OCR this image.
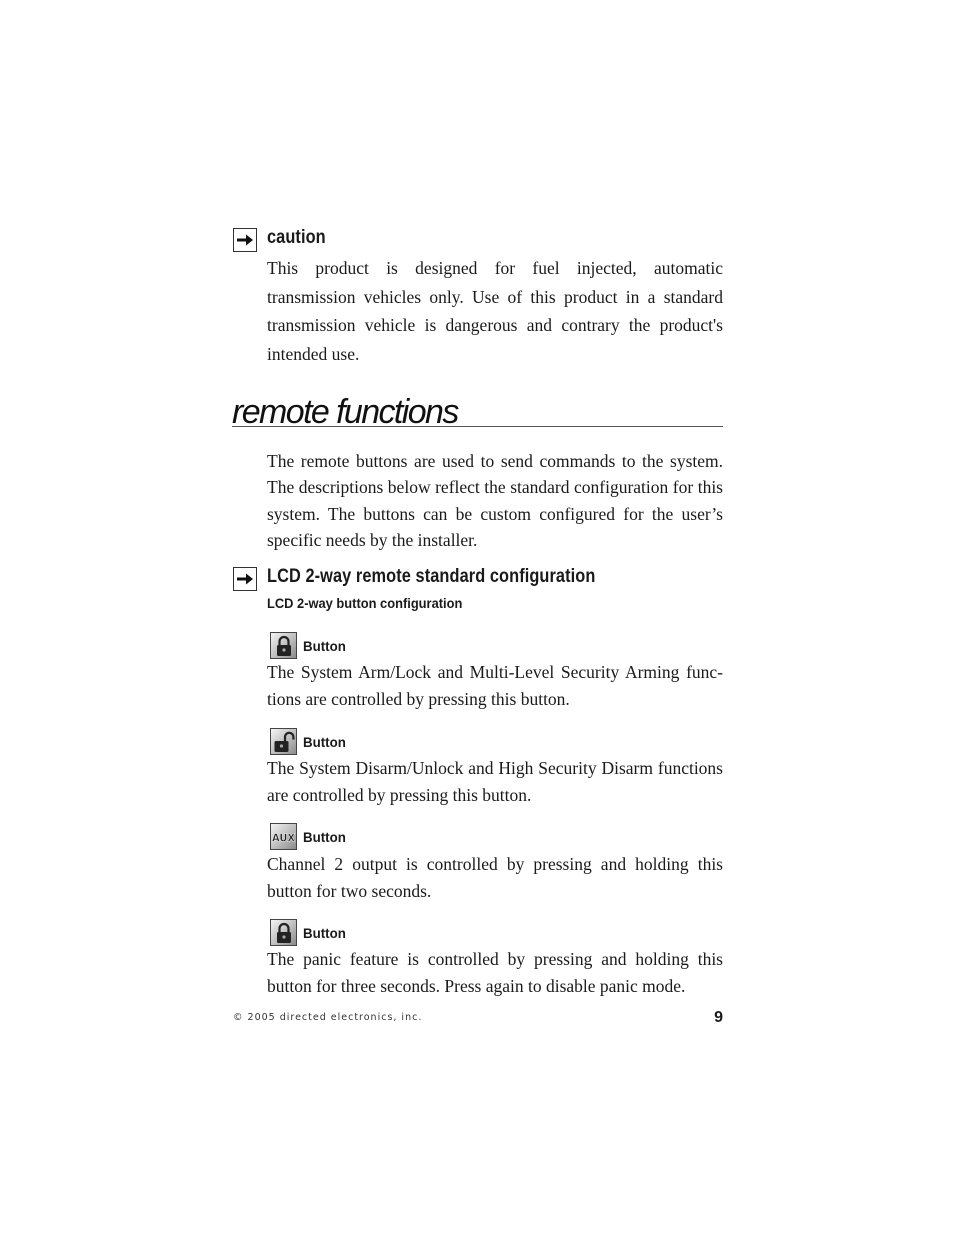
caution

This product is designed for fuel injected, automatic transmission vehicles only. Use of this product in a standard transmission vehicle is dangerous and contrary the product's intended use.

remote functions

The remote buttons are used to send commands to the system. The descriptions below reflect the standard configuration for this system. The buttons can be custom configured for the user’s specific needs by the installer.

LCD 2-way remote standard configuration
LCD 2-way button configuration
Button

The System Arm/Lock and Multi-Level Security Arming func-tions are controlled by pressing this button.

Button

The System Disarm/Unlock and High Security Disarm functions are controlled by pressing this button.

AUX Button

Channel 2 output is controlled by pressing and holding this button for two seconds.

Button

The panic feature is controlled by pressing and holding this button for three seconds. Press again to disable panic mode.

© 2005 directed electronics, inc.	9
